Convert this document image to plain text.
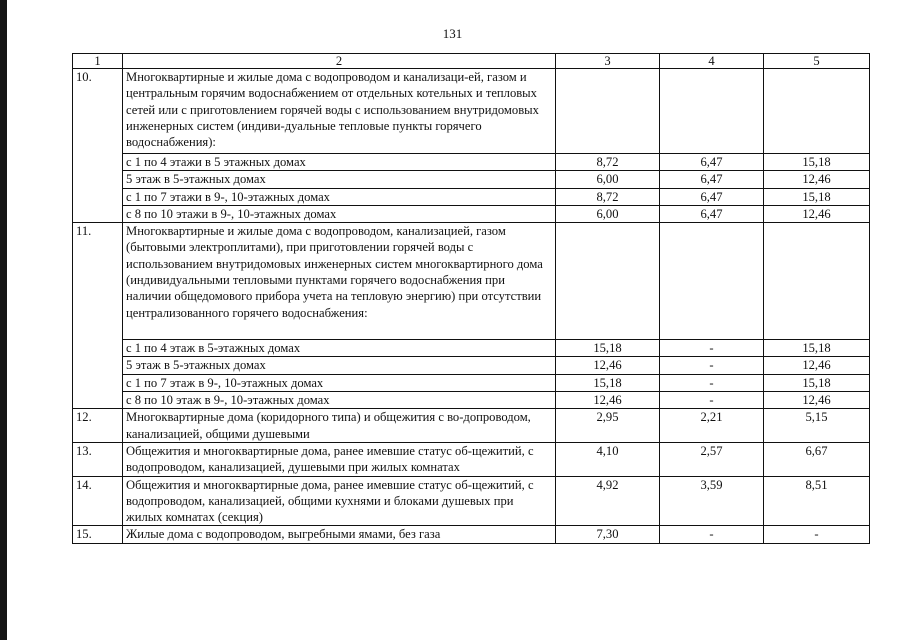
131
1	2	3	4	5
10.	Многоквартирные и жилые дома с водопроводом и канализаци-ей, газом и центральным горячим водоснабжением от отдельных котельных и тепловых сетей или с приготовлением горячей воды с использованием внутридомовых инженерных систем (индиви-дуальные тепловые пункты горячего водоснабжения):			
	с 1 по 4 этажи в 5 этажных домах	8,72	6,47	15,18
	5 этаж в 5-этажных домах	6,00	6,47	12,46
	с 1 по 7 этажи в 9-, 10-этажных домах	8,72	6,47	15,18
	с 8 по 10 этажи в 9-, 10-этажных домах	6,00	6,47	12,46
11.	Многоквартирные и жилые дома с водопроводом, канализацией, газом (бытовыми электроплитами), при приготовлении горячей воды с использованием внутридомовых инженерных систем многоквартирного дома (индивидуальными тепловыми пунктами горячего водоснабжения при наличии общедомового прибора учета на тепловую энергию) при отсутствии централизованного горячего водоснабжения:			
	с 1 по 4 этаж в 5-этажных домах	15,18	-	15,18
	5 этаж в 5-этажных домах	12,46	-	12,46
	с 1 по 7 этаж в 9-, 10-этажных домах	15,18	-	15,18
	с 8 по 10 этаж в 9-, 10-этажных домах	12,46	-	12,46
12.	Многоквартирные дома (коридорного типа) и общежития с во-допроводом, канализацией, общими душевыми	2,95	2,21	5,15
13.	Общежития и многоквартирные дома, ранее имевшие статус об-щежитий, с водопроводом, канализацией, душевыми при жилых комнатах	4,10	2,57	6,67
14.	Общежития и многоквартирные дома, ранее имевшие статус об-щежитий, с водопроводом, канализацией, общими кухнями и блоками душевых при жилых комнатах (секция)	4,92	3,59	8,51
15.	Жилые дома с водопроводом, выгребными ямами, без газа	7,30	-	-
